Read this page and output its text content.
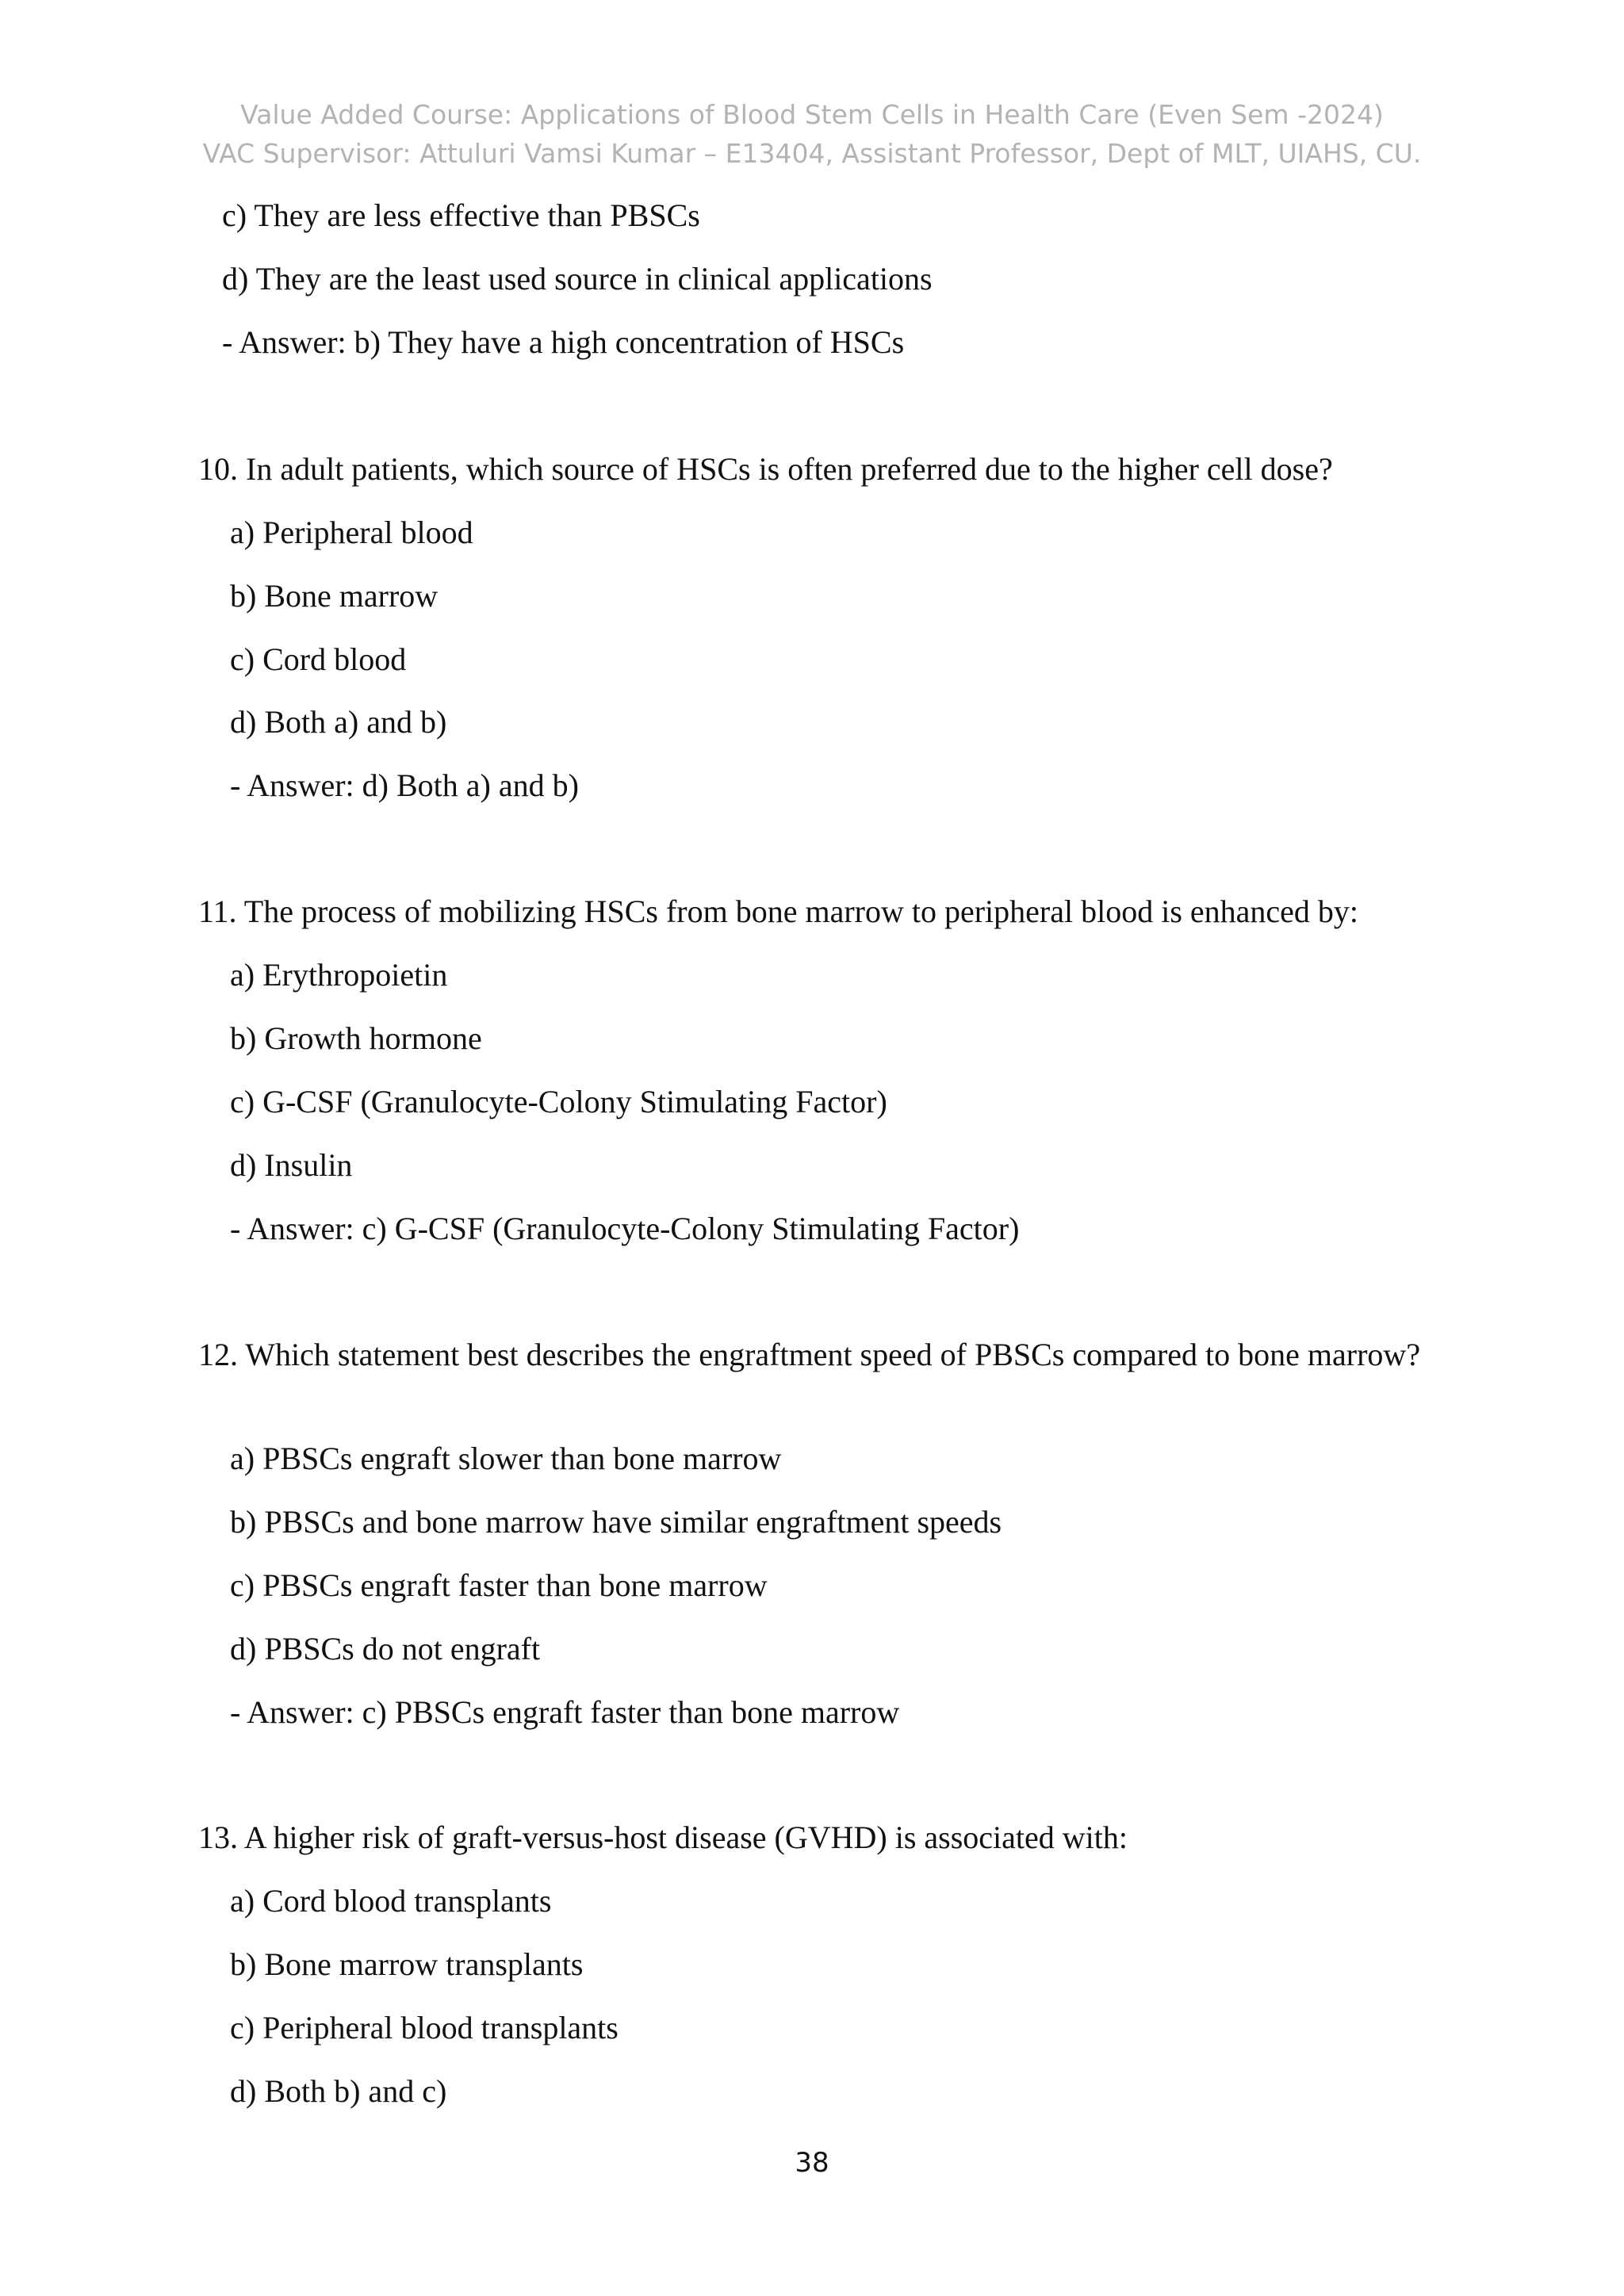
Value Added Course: Applications of Blood Stem Cells in Health Care (Even Sem -2024)
VAC Supervisor: Attuluri Vamsi Kumar – E13404, Assistant Professor, Dept of MLT, UIAHS, CU.
c) They are less effective than PBSCs
d) They are the least used source in clinical applications
- Answer: b) They have a high concentration of HSCs
10. In adult patients, which source of HSCs is often preferred due to the higher cell dose?
a) Peripheral blood
b) Bone marrow
c) Cord blood
d) Both a) and b)
- Answer: d) Both a) and b)
11. The process of mobilizing HSCs from bone marrow to peripheral blood is enhanced by:
a) Erythropoietin
b) Growth hormone
c) G-CSF (Granulocyte-Colony Stimulating Factor)
d) Insulin
- Answer: c) G-CSF (Granulocyte-Colony Stimulating Factor)
12. Which statement best describes the engraftment speed of PBSCs compared to bone marrow?
a) PBSCs engraft slower than bone marrow
b) PBSCs and bone marrow have similar engraftment speeds
c) PBSCs engraft faster than bone marrow
d) PBSCs do not engraft
- Answer: c) PBSCs engraft faster than bone marrow
13. A higher risk of graft-versus-host disease (GVHD) is associated with:
a) Cord blood transplants
b) Bone marrow transplants
c) Peripheral blood transplants
d) Both b) and c)
38
